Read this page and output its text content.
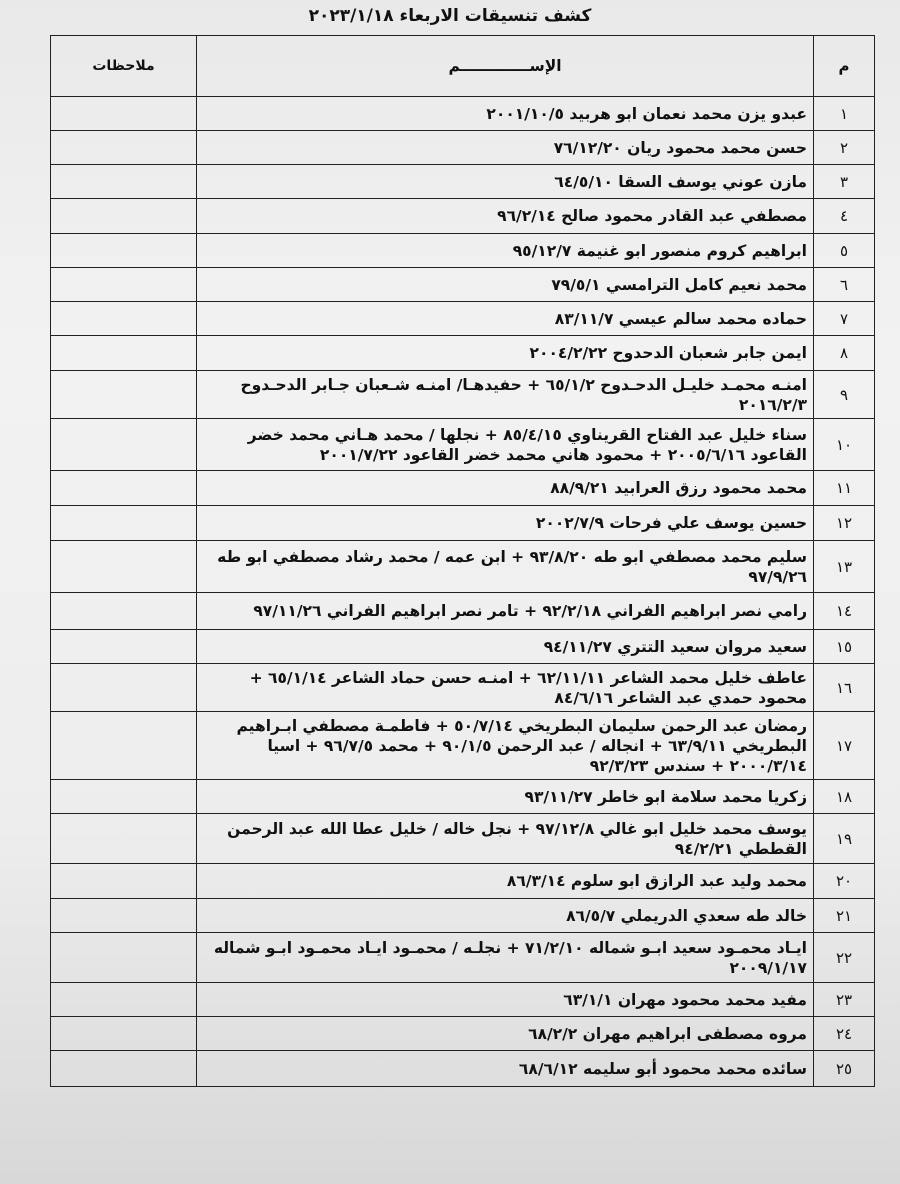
كشف تنسيقات الاربعاء ٢٠٢٣/١/١٨
م	الإســـــــــــــم	ملاحظات
١	عبدو يزن محمد نعمان ابو هربيد ٢٠٠١/١٠/٥	
٢	حسن محمد محمود ريان ٧٦/١٢/٢٠	
٣	مازن عوني يوسف السقا ٦٤/٥/١٠	
٤	مصطفي عبد القادر محمود صالح ٩٦/٢/١٤	
٥	ابراهيم كروم منصور ابو غنيمة ٩٥/١٢/٧	
٦	محمد نعيم كامل الترامسي ٧٩/٥/١	
٧	حماده محمد سالم عيسي ٨٣/١١/٧	
٨	ايمن جابر شعبان الدحدوح ٢٠٠٤/٢/٢٢	
٩	امنـه محمـد خليـل الدحـدوح ٦٥/١/٢ + حفيدهـا/ امنـه شـعبان جـابر الدحـدوح ٢٠١٦/٢/٣	
١٠	سناء خليل عبد الفتاح القريناوي ٨٥/٤/١٥ + نجلها / محمد هـاني محمد خضر القاعود ٢٠٠٥/٦/١٦ + محمود هاني محمد خضر القاعود ٢٠٠١/٧/٢٢	
١١	محمد محمود رزق العرابيد ٨٨/٩/٢١	
١٢	حسين يوسف علي فرحات ٢٠٠٢/٧/٩	
١٣	سليم محمد مصطفي ابو طه ٩٣/٨/٢٠ + ابن عمه / محمد رشاد مصطفي ابو طه ٩٧/٩/٢٦	
١٤	رامي نصر ابراهيم الفراني ٩٢/٢/١٨ + تامر نصر ابراهيم الفراني ٩٧/١١/٢٦	
١٥	سعيد مروان سعيد التتري ٩٤/١١/٢٧	
١٦	عاطف خليل محمد الشاعر ٦٢/١١/١١ + امنـه حسن حماد الشاعر ٦٥/١/١٤ + محمود حمدي عبد الشاعر ٨٤/٦/١٦	
١٧	رمضان عبد الرحمن سليمان البطريخي ٥٠/٧/١٤ + فاطمـة مصطفي ابـراهيم البطريخي ٦٣/٩/١١ + انجاله / عبد الرحمن ٩٠/١/٥ + محمد ٩٦/٧/٥ + اسيا ٢٠٠٠/٣/١٤ + سندس ٩٢/٣/٢٣	
١٨	زكريا محمد سلامة ابو خاطر ٩٣/١١/٢٧	
١٩	يوسف محمد خليل ابو غالي ٩٧/١٢/٨ + نجل خاله / خليل عطا الله عبد الرحمن القططي ٩٤/٢/٢١	
٢٠	محمد وليد عبد الرازق ابو سلوم ٨٦/٣/١٤	
٢١	خالد طه سعدي الدريملي ٨٦/٥/٧	
٢٢	ايـاد محمـود سعيد ابـو شماله ٧١/٢/١٠ + نجلـه / محمـود ايـاد محمـود ابـو شماله ٢٠٠٩/١/١٧	
٢٣	مفيد محمد محمود مهران ٦٣/١/١	
٢٤	مروه مصطفى ابراهيم مهران ٦٨/٢/٢	
٢٥	سائده محمد محمود أبو سليمه ٦٨/٦/١٢	
